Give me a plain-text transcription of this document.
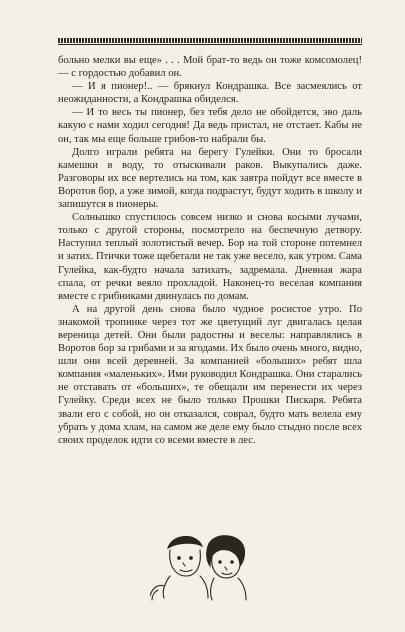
больно мелки вы еще» . . . Мой брат-то ведь он тоже комсомолец! — с гордостью добавил он.

— И я пионер!.. — брякнул Кондрашка. Все засмеялись от неожиданности, а Кондрашка обиделся.

— И то весь ты пионер, без тебя дело не обойдется, эво даль какую с нами ходил сегодня! Да ведь пристал, не отстает. Кабы не он, так мы еще больше грибов-то набрали бы.

Долго играли ребята на берегу Гулейки. Они то бросали камешки в воду, то отыскивали раков. Выкупались даже. Разговоры их все вертелись на том, как завтра пойдут все вместе в Воротов бор, а уже зимой, когда подрастут, будут ходить в школу и запишутся в пионеры.

Солнышко спустилось совсем низко и снова косыми лучами, только с другой стороны, посмотрело на беспечную детвору. Наступил теплый золотистый вечер. Бор на той стороне потемнел и затих. Птички тоже щебетали не так уже весело, как утром. Сама Гулейка, как-будто начала затихать, задремала. Дневная жара спала, от речки веяло прохладой. Наконец-то веселая компания вместе с грибниками двинулась по домам.

А на другой день снова было чудное росистое утро. По знакомой тропинке через тот же цветущий луг двигалась целая вереница детей. Они были радостны и веселы: направлялись в Воротов бор за грибами и за ягодами. Их было очень много, видно, шли они всей деревней. За компанией «больших» ребят шла компания «маленьких». Ими руководил Кондрашка. Они старались не отставать от «больших», те обещали им перенести их через Гулейку. Среди всех не было только Прошки Пискаря. Ребята звали его с собой, но он отказался, соврал, будто мать велела ему убрать у дома хлам, на самом же деле ему было стыдно после всех своих проделок идти со всеми вместе в лес.
